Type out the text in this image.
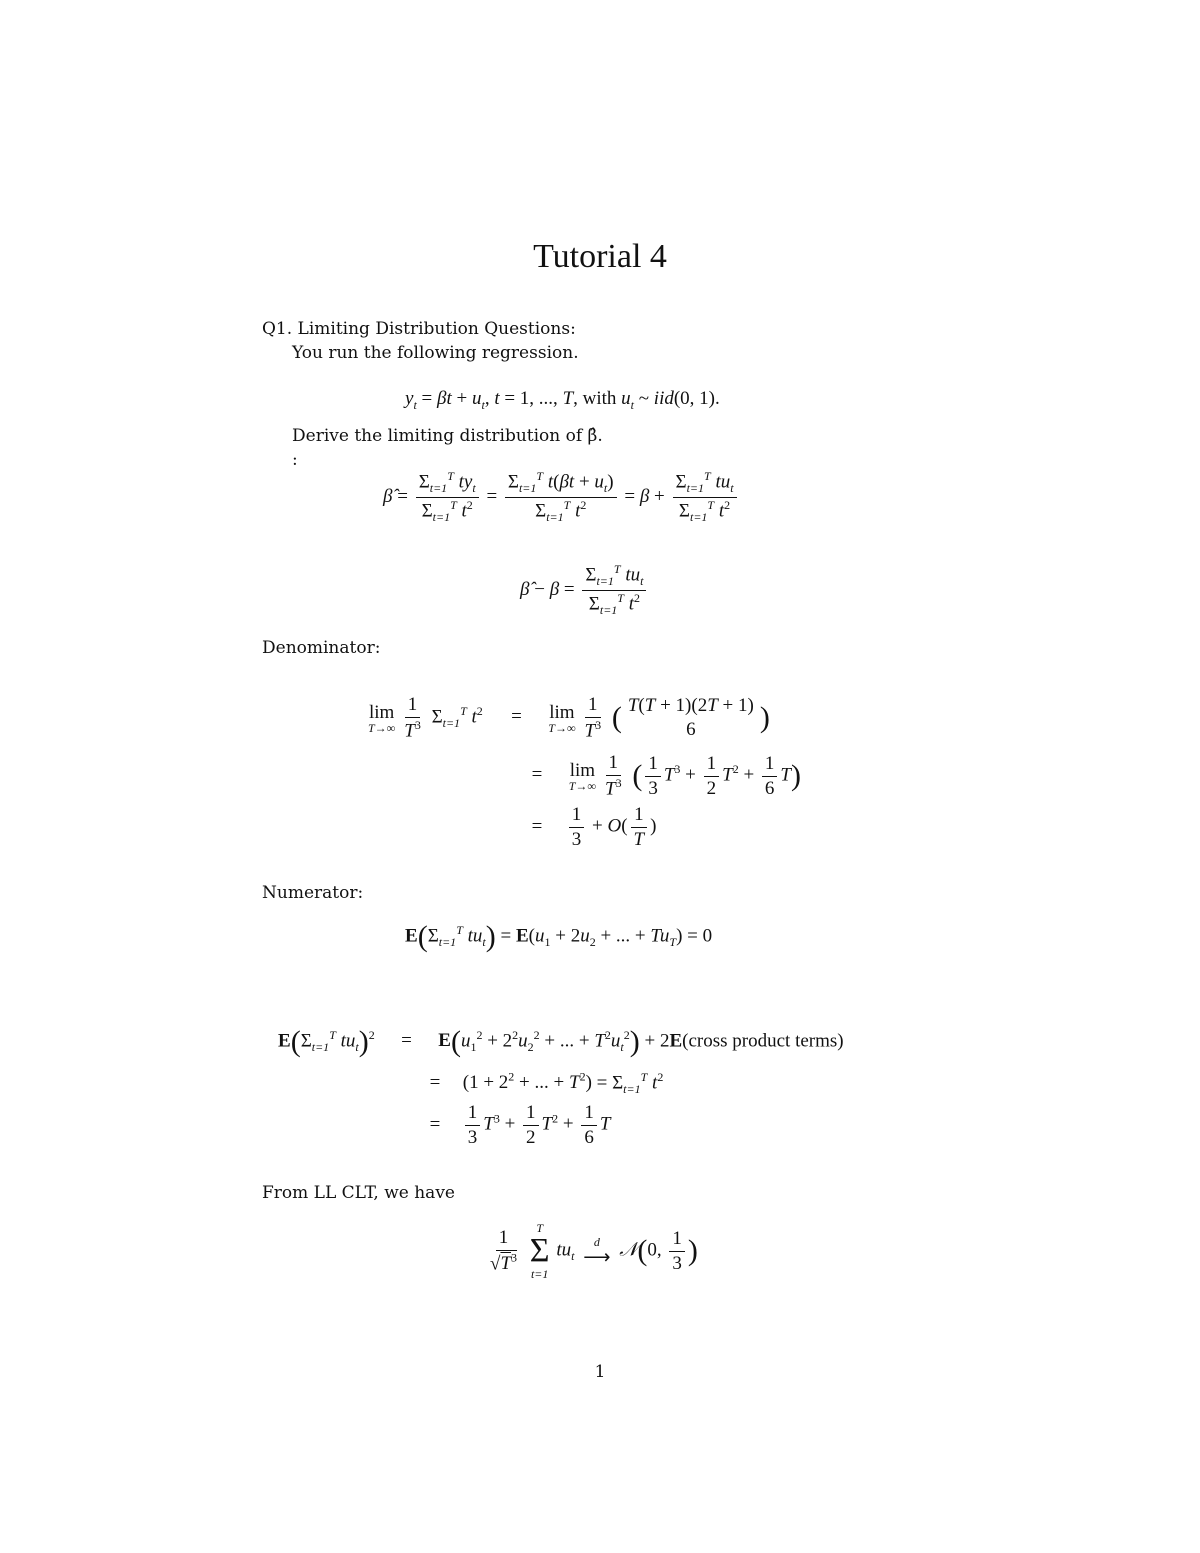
Tutorial 4
Q1. Limiting Distribution Questions:
You run the following regression.
$y_t = \beta t + u_t$, t = 1, ..., T, with $u_t$ ~ iid(0, 1).
Derive the limiting distribution of β̂.
:
β̂ = $\frac{\Sigma_{t=1}^T ty_t}{\Sigma_{t=1}^T t^2} = \frac{\Sigma_{t=1}^T t(\beta t + u_t)}{\Sigma_{t=1}^T t^2} = \beta + \frac{\Sigma_{t=1}^T tu_t}{\Sigma_{t=1}^T t^2}$
β̂ − $\beta = \frac{\Sigma_{t=1}^T tu_t}{\Sigma_{t=1}^T t^2}$
Denominator:
lim
$T\to\infty \frac{1}{T^3} \Sigma_{t=1}^T$ $t^2 = \lim$
$T\to\infty \frac{1}{T^3}$ ( T(T + 1)(2T + 1)
6 )
= lim
$T\to\infty \frac{1}{T^3}$ ( $\frac{1}{3} T^3 + \frac{1}{2} T^2 + \frac{1}{6} T$)
= $\frac{1}{3} + O( \frac{1}{T}$ )
Numerator:
$E(\Sigma_{t=1}^T$ $tu_t) = E(u_1 + 2u_2$ + ... + $Tu_T) = 0$
$E(\Sigma_{t=1}^T$ $tu_t)^2 = E(u_1^2 + 2^2u_2^2$ + ... + $T^2u_t^2$) + 2E(cross product terms)
= ($1 + 2^2$ + ... + $T^2) = \Sigma_{t=1}^T$ $t^2$
= $\frac{1}{3} T^3 + \frac{1}{2} T^2 + \frac{1}{6}$ T
From LL CLT, we have
$\frac{1}{√T^3}$
T
Σ
t=1
$tu_t$
d
⟶ 𝒩(0, $\frac{1}{3}$ )
1
